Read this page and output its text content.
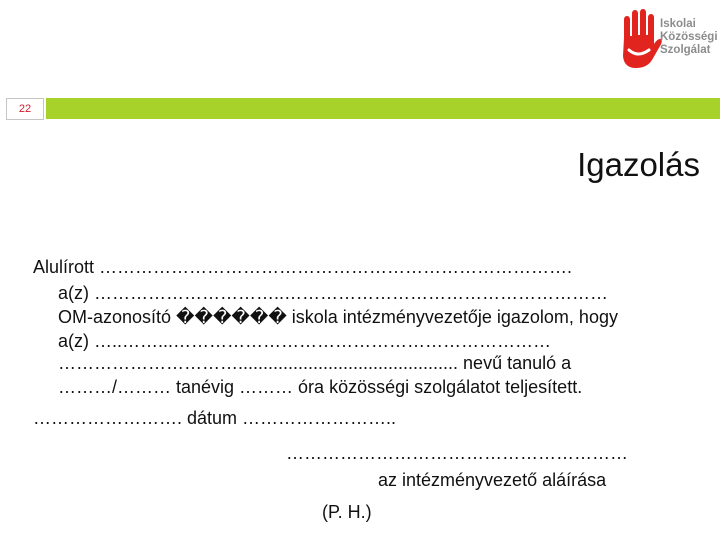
Iskolai
Közösségi
Szolgálat
22
Igazolás
Alulírott …………………………………………………………………….
a(z) …………………………..………………………………………………
OM-azonosító ������ iskola intézményvezetője igazolom, hogy
a(z) …..……...………………………………………………………
…………………………............................................ nevű tanuló a
………/……… tanévig ……… óra közösségi szolgálatot teljesített.
……………………. dátum ……………………..
…………………………………………………
az intézményvezető aláírása
(P. H.)
